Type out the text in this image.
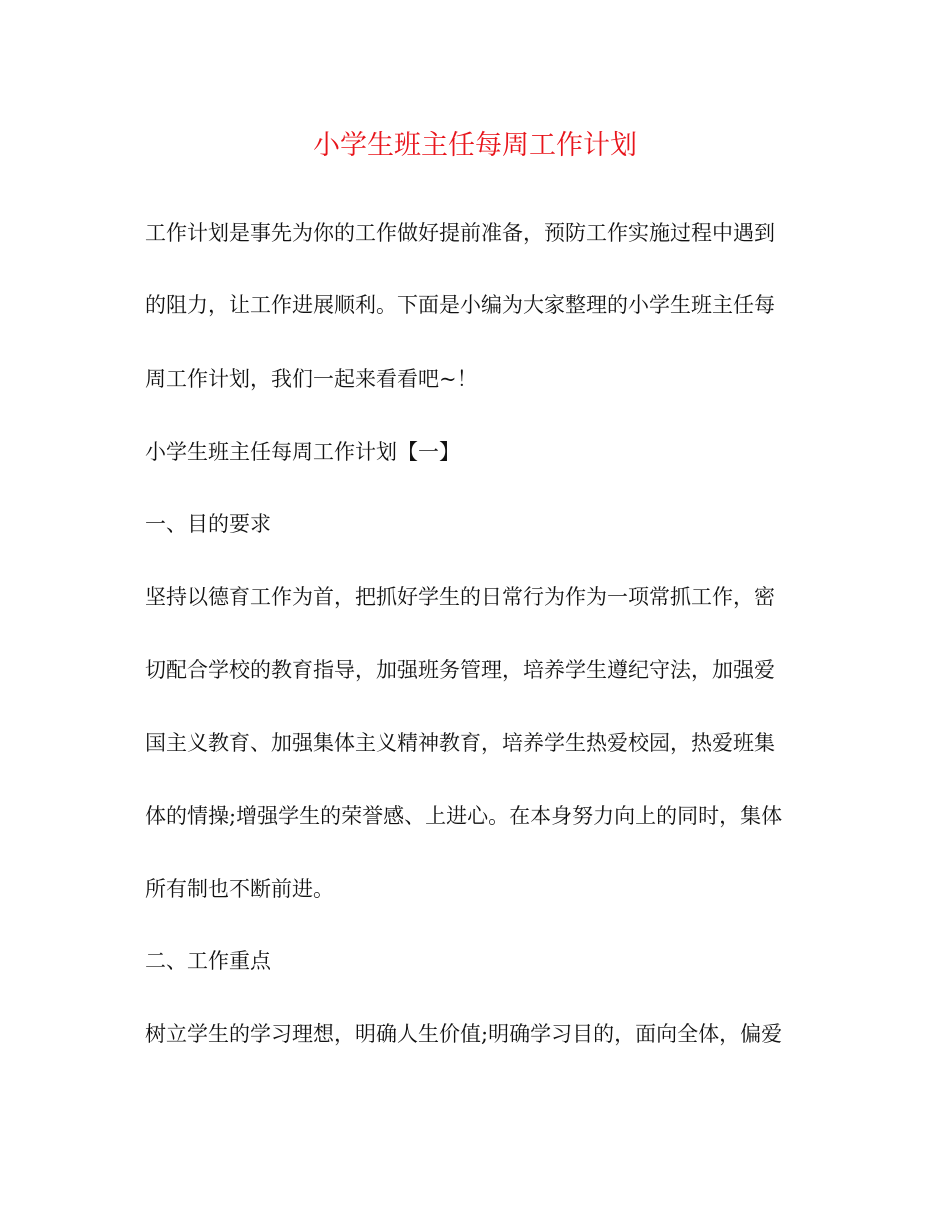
小学生班主任每周工作计划
工作计划是事先为你的工作做好提前准备，预防工作实施过程中遇到
的阻力，让工作进展顺利。下面是小编为大家整理的小学生班主任每
周工作计划，我们一起来看看吧~！
小学生班主任每周工作计划【一】
一、目的要求
坚持以德育工作为首，把抓好学生的日常行为作为一项常抓工作，密
切配合学校的教育指导，加强班务管理，培养学生遵纪守法，加强爱
国主义教育、加强集体主义精神教育，培养学生热爱校园，热爱班集
体的情操;增强学生的荣誉感、上进心。在本身努力向上的同时，集体
所有制也不断前进。
二、工作重点
树立学生的学习理想，明确人生价值;明确学习目的，面向全体，偏爱
